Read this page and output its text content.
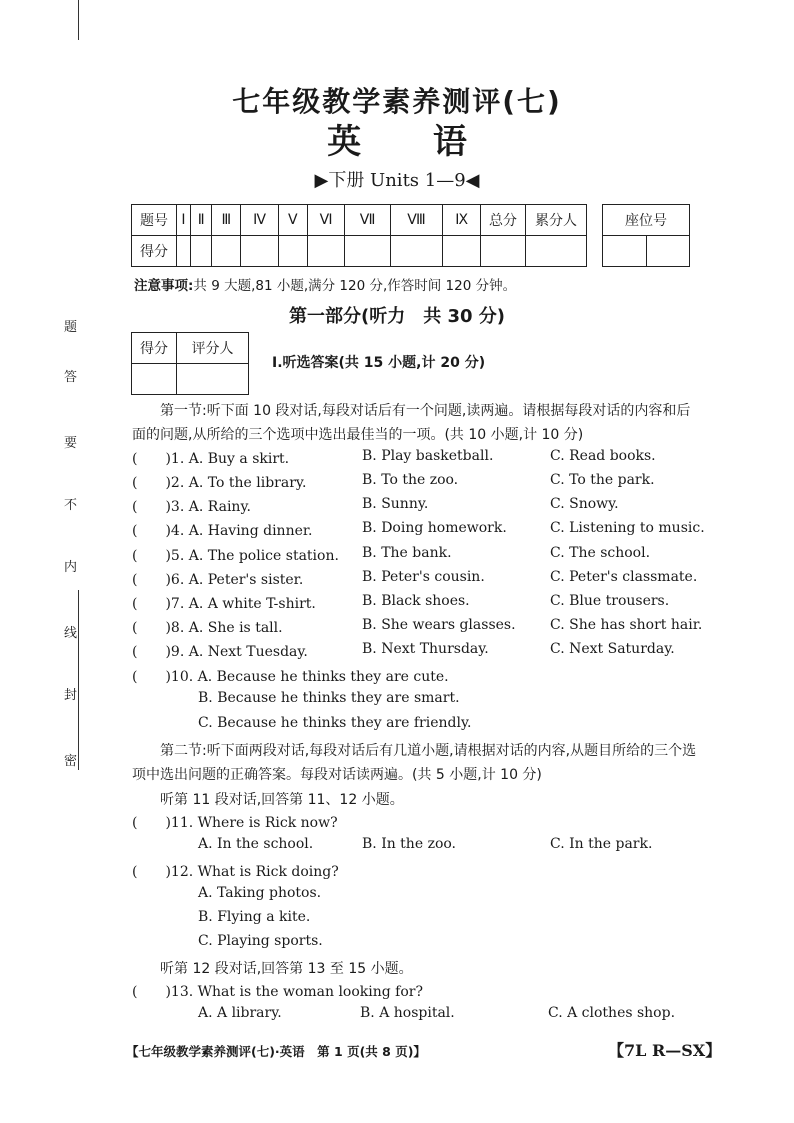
题
答
要
不
内
线
封
密
七年级教学素养测评(七)
英 语
▶下册 Units 1—9◀
题号	Ⅰ	Ⅱ	Ⅲ	Ⅳ	Ⅴ	Ⅵ	Ⅶ	Ⅷ	Ⅸ	总分	累分人
得分											
座位号

注意事项:共 9 大题,81 小题,满分 120 分,作答时间 120 分钟。
第一部分(听力　共 30 分)
得分	评分人

Ⅰ.听选答案(共 15 小题,计 20 分)
第一节:听下面 10 段对话,每段对话后有一个问题,读两遍。请根据每段对话的内容和后面的问题,从所给的三个选项中选出最佳当的一项。(共 10 小题,计 10 分)
(　　)1. A. Buy a skirt.	B. Play basketball.	C. Read books.
(　　)2. A. To the library.	B. To the zoo.	C. To the park.
(　　)3. A. Rainy.	B. Sunny.	C. Snowy.
(　　)4. A. Having dinner.	B. Doing homework.	C. Listening to music.
(　　)5. A. The police station. B. The bank.	C. The school.
(　　)6. A. Peter's sister.	B. Peter's cousin.	C. Peter's classmate.
(　　)7. A. A white T-shirt.	B. Black shoes.	C. Blue trousers.
(　　)8. A. She is tall.	B. She wears glasses. C. She has short hair.
(　　)9. A. Next Tuesday.	B. Next Thursday.	C. Next Saturday.
(　　)10. A. Because he thinks they are cute.
B. Because he thinks they are smart.
C. Because he thinks they are friendly.
第二节:听下面两段对话,每段对话后有几道小题,请根据对话的内容,从题目所给的三个选项中选出问题的正确答案。每段对话读两遍。(共 5 小题,计 10 分)
听第 11 段对话,回答第 11、12 小题。
(　　)11. Where is Rick now?
A. In the school.	B. In the zoo.	C. In the park.
(　　)12. What is Rick doing?
A. Taking photos.
B. Flying a kite.
C. Playing sports.
听第 12 段对话,回答第 13 至 15 小题。
(　　)13. What is the woman looking for?
A. A library.	B. A hospital.	C. A clothes shop.
【七年级教学素养测评(七)·英语　第 1 页(共 8 页)】	【7L R—SX】
